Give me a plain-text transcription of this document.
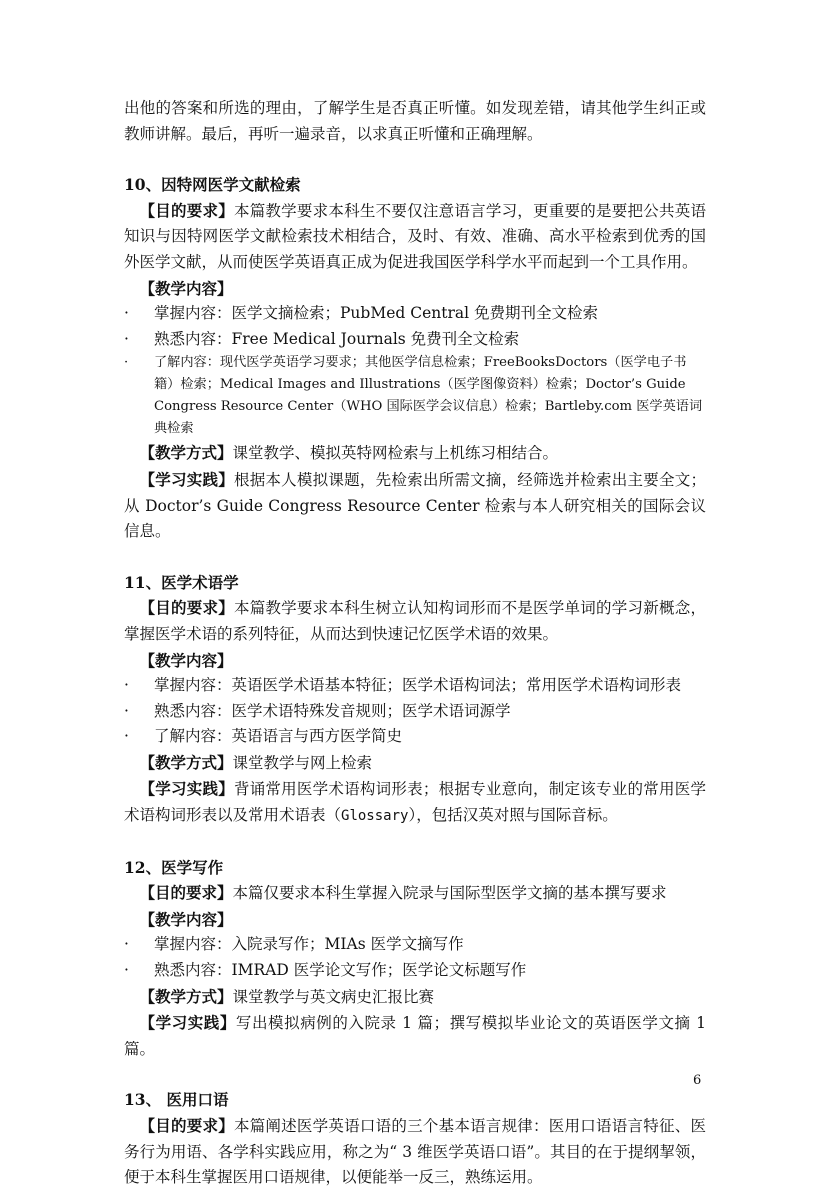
出他的答案和所选的理由，了解学生是否真正听懂。如发现差错，请其他学生纠正或教师讲解。最后，再听一遍录音，以求真正听懂和正确理解。

10、因特网医学文献检索

【目的要求】本篇教学要求本科生不要仅注意语言学习，更重要的是要把公共英语知识与因特网医学文献检索技术相结合，及时、有效、准确、高水平检索到优秀的国外医学文献，从而使医学英语真正成为促进我国医学科学水平而起到一个工具作用。

【教学内容】

·	掌握内容：医学文摘检索；PubMed Central 免费期刊全文检索
·	熟悉内容：Free Medical Journals 免费刊全文检索
·	了解内容：现代医学英语学习要求；其他医学信息检索；FreeBooksDoctors（医学电子书籍）检索；Medical Images and Illustrations（医学图像资料）检索；Doctor’s Guide Congress Resource Center（WHO 国际医学会议信息）检索；Bartleby.com 医学英语词典检索

【教学方式】课堂教学、模拟英特网检索与上机练习相结合。

【学习实践】根据本人模拟课题，先检索出所需文摘，经筛选并检索出主要全文；从 Doctor’s Guide Congress Resource Center 检索与本人研究相关的国际会议信息。

11、医学术语学

【目的要求】本篇教学要求本科生树立认知构词形而不是医学单词的学习新概念，掌握医学术语的系列特征，从而达到快速记忆医学术语的效果。

【教学内容】

·	掌握内容：英语医学术语基本特征；医学术语构词法；常用医学术语构词形表
·	熟悉内容：医学术语特殊发音规则；医学术语词源学
·	了解内容：英语语言与西方医学简史

【教学方式】课堂教学与网上检索

【学习实践】背诵常用医学术语构词形表；根据专业意向，制定该专业的常用医学术语构词形表以及常用术语表（Glossary），包括汉英对照与国际音标。

12、医学写作

【目的要求】本篇仅要求本科生掌握入院录与国际型医学文摘的基本撰写要求

【教学内容】

·	掌握内容：入院录写作；MIAs 医学文摘写作
·	熟悉内容：IMRAD 医学论文写作；医学论文标题写作

【教学方式】课堂教学与英文病史汇报比赛

【学习实践】写出模拟病例的入院录 1 篇；撰写模拟毕业论文的英语医学文摘 1 篇。

13、 医用口语

【目的要求】本篇阐述医学英语口语的三个基本语言规律：医用口语语言特征、医务行为用语、各学科实践应用，称之为“ 3 维医学英语口语”。其目的在于提纲挈领，便于本科生掌握医用口语规律，以便能举一反三，熟练运用。

6
